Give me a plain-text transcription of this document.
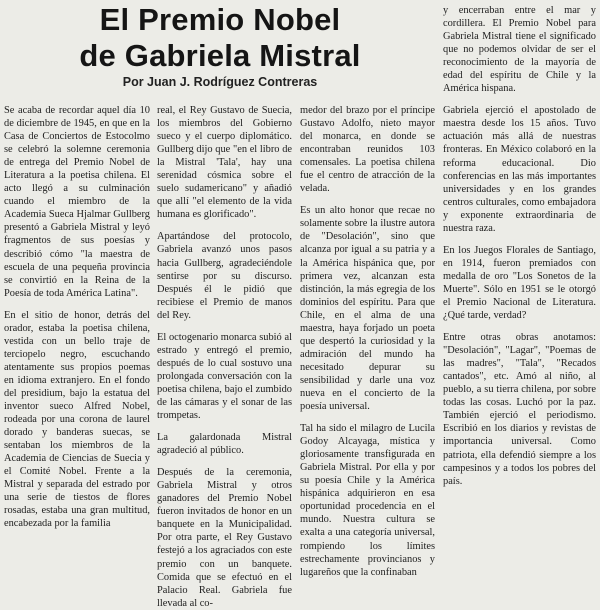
El Premio Nobel
de Gabriela Mistral
Por Juan J. Rodríguez Contreras

Se acaba de recordar aquel día 10 de diciembre de 1945, en que en la Casa de Conciertos de Estocolmo se celebró la solemne ceremonia de entrega del Premio Nobel de Literatura a la poetisa chilena. El acto llegó a su culminación cuando el miembro de la Academia Sueca Hjalmar Gullberg presentó a Gabriela Mistral y leyó fragmentos de sus poesías y describió cómo "la maestra de escuela de una pequeña provincia se convirtió en la Reina de la Poesía de toda América Latina".

En el sitio de honor, detrás del orador, estaba la poetisa chilena, vestida con un bello traje de terciopelo negro, escuchando atentamente sus propios poemas en idioma extranjero. En el fondo del presidium, bajo la estatua del inventor sueco Alfred Nobel, rodeada por una corona de laurel dorado y banderas suecas, se sentaban los miembros de la Academia de Ciencias de Suecia y el Comité Nobel. Frente a la Mistral y separada del estrado por una serie de tiestos de flores rosadas, estaba una gran multitud, encabezada por la familia

real, el Rey Gustavo de Suecia, los miembros del Gobierno sueco y el cuerpo diplomático. Gullberg dijo que "en el libro de la Mistral 'Tala', hay una serenidad cósmica sobre el suelo sudamericano" y añadió que allí "el elemento de la vida humana es glorificado".

Apartándose del protocolo, Gabriela avanzó unos pasos hacia Gullberg, agradeciéndole sentirse por su discurso. Después él le pidió que recibiese el Premio de manos del Rey.

El octogenario monarca subió al estrado y entregó el premio, después de lo cual sostuvo una prolongada conversación con la poetisa chilena, bajo el zumbido de las cámaras y el sonar de las trompetas.

La galardonada Mistral agradeció al público.

Después de la ceremonia, Gabriela Mistral y otros ganadores del Premio Nobel fueron invitados de honor en un banquete en la Municipalidad. Por otra parte, el Rey Gustavo festejó a los agraciados con este premio con un banquete. Comida que se efectuó en el Palacio Real. Gabriela fue llevada al co-

medor del brazo por el príncipe Gustavo Adolfo, nieto mayor del monarca, en donde se encontraban reunidos 103 comensales. La poetisa chilena fue el centro de atracción de la velada.

Es un alto honor que recae no solamente sobre la ilustre autora de "Desolación", sino que alcanza por igual a su patria y a la América hispánica que, por primera vez, alcanzan esta distinción, la más egregia de los dominios del espíritu. Para que Chile, en el alma de una maestra, haya forjado un poeta que despertó la curiosidad y la admiración del mundo ha necesitado depurar su sensibilidad y darle una voz nueva en el concierto de la poesía universal.

Tal ha sido el milagro de Lucila Godoy Alcayaga, mística y gloriosamente transfigurada en Gabriela Mistral. Por ella y por su poesía Chile y la América hispánica adquirieron en esa oportunidad procedencia en el mundo. Nuestra cultura se exalta a una categoría universal, rompiendo los límites estrechamente provincianos y lugareños que la confinaban

y encerraban entre el mar y cordillera. El Premio Nobel para Gabriela Mistral tiene el significado que no podemos olvidar de ser el reconocimiento de la mayoría de edad del espíritu de Chile y la América hispana.

Gabriela ejerció el apostolado de maestra desde los 15 años. Tuvo actuación más allá de nuestras fronteras. En México colaboró en la reforma educacional. Dio conferencias en las más importantes universidades y en los grandes centros culturales, como embajadora y exponente extraordinaria de nuestra raza.

En los Juegos Florales de Santiago, en 1914, fueron premiados con medalla de oro "Los Sonetos de la Muerte". Sólo en 1951 se le otorgó el Premio Nacional de Literatura. ¿Qué tarde, verdad?

Entre otras obras anotamos: "Desolación", "Lagar", "Poemas de las madres", "Tala", "Recados cantados", etc. Amó al niño, al pueblo, a su tierra chilena, por sobre todas las cosas. Luchó por la paz. También ejerció el periodismo. Escribió en los diarios y revistas de importancia universal. Como patriota, ella defendió siempre a los campesinos y a todos los pobres del país.
